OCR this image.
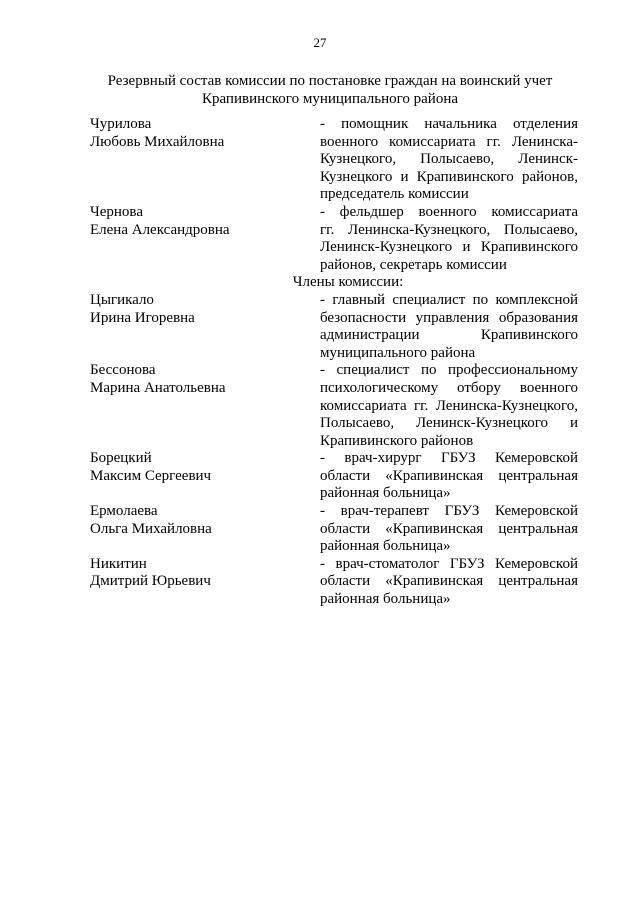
27
Резервный состав комиссии по постановке граждан на воинский учет
Крапивинского муниципального района
Чурилова
Любовь Михайловна
- помощник начальника отделения
военного комиссариата гг. Ленинска-
Кузнецкого, Полысаево, Ленинск-
Кузнецкого и Крапивинского районов,
председатель комиссии
Чернова
Елена Александровна
- фельдшер военного комиссариата
гг. Ленинска-Кузнецкого, Полысаево,
Ленинск-Кузнецкого и Крапивинского
районов, секретарь комиссии
Члены комиссии:
Цыгикало
Ирина Игоревна
- главный специалист по комплексной
безопасности управления образования
администрации Крапивинского
муниципального района
Бессонова
Марина Анатольевна
- специалист по профессиональному
психологическому отбору военного
комиссариата гг. Ленинска-Кузнецкого,
Полысаево, Ленинск-Кузнецкого и
Крапивинского районов
Борецкий
Максим Сергеевич
- врач-хирург ГБУЗ Кемеровской
области «Крапивинская центральная
районная больница»
Ермолаева
Ольга Михайловна
- врач-терапевт ГБУЗ Кемеровской
области «Крапивинская центральная
районная больница»
Никитин
Дмитрий Юрьевич
- врач-стоматолог ГБУЗ Кемеровской
области «Крапивинская центральная
районная больница»
